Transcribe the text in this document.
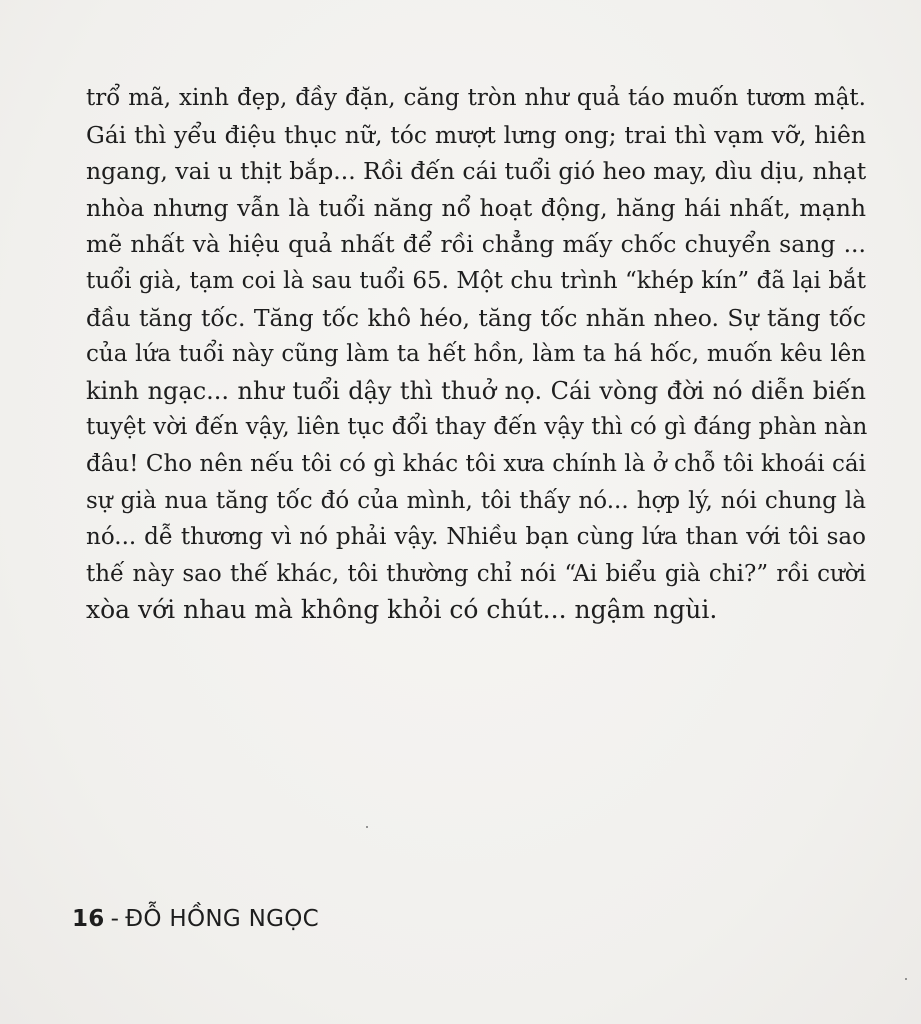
trổ mã, xinh đẹp, đầy đặn, căng tròn như quả táo muốn tươm mật.
Gái thì yểu điệu thục nữ, tóc mượt lưng ong; trai thì vạm vỡ, hiên
ngang, vai u thịt bắp... Rồi đến cái tuổi gió heo may, dìu dịu, nhạt
nhòa nhưng vẫn là tuổi năng nổ hoạt động, hăng hái nhất, mạnh
mẽ nhất và hiệu quả nhất để rồi chẳng mấy chốc chuyển sang ...
tuổi già, tạm coi là sau tuổi 65. Một chu trình “khép kín” đã lại bắt
đầu tăng tốc. Tăng tốc khô héo, tăng tốc nhăn nheo. Sự tăng tốc
của lứa tuổi này cũng làm ta hết hồn, làm ta há hốc, muốn kêu lên
kinh ngạc... như tuổi dậy thì thuở nọ. Cái vòng đời nó diễn biến
tuyệt vời đến vậy, liên tục đổi thay đến vậy thì có gì đáng phàn nàn
đâu! Cho nên nếu tôi có gì khác tôi xưa chính là ở chỗ tôi khoái cái
sự già nua tăng tốc đó của mình, tôi thấy nó... hợp lý, nói chung là
nó... dễ thương vì nó phải vậy. Nhiều bạn cùng lứa than với tôi sao
thế này sao thế khác, tôi thường chỉ nói “Ai biểu già chi?” rồi cười
xòa với nhau mà không khỏi có chút... ngậm ngùi.
16 - ĐỖ HỒNG NGỌC
